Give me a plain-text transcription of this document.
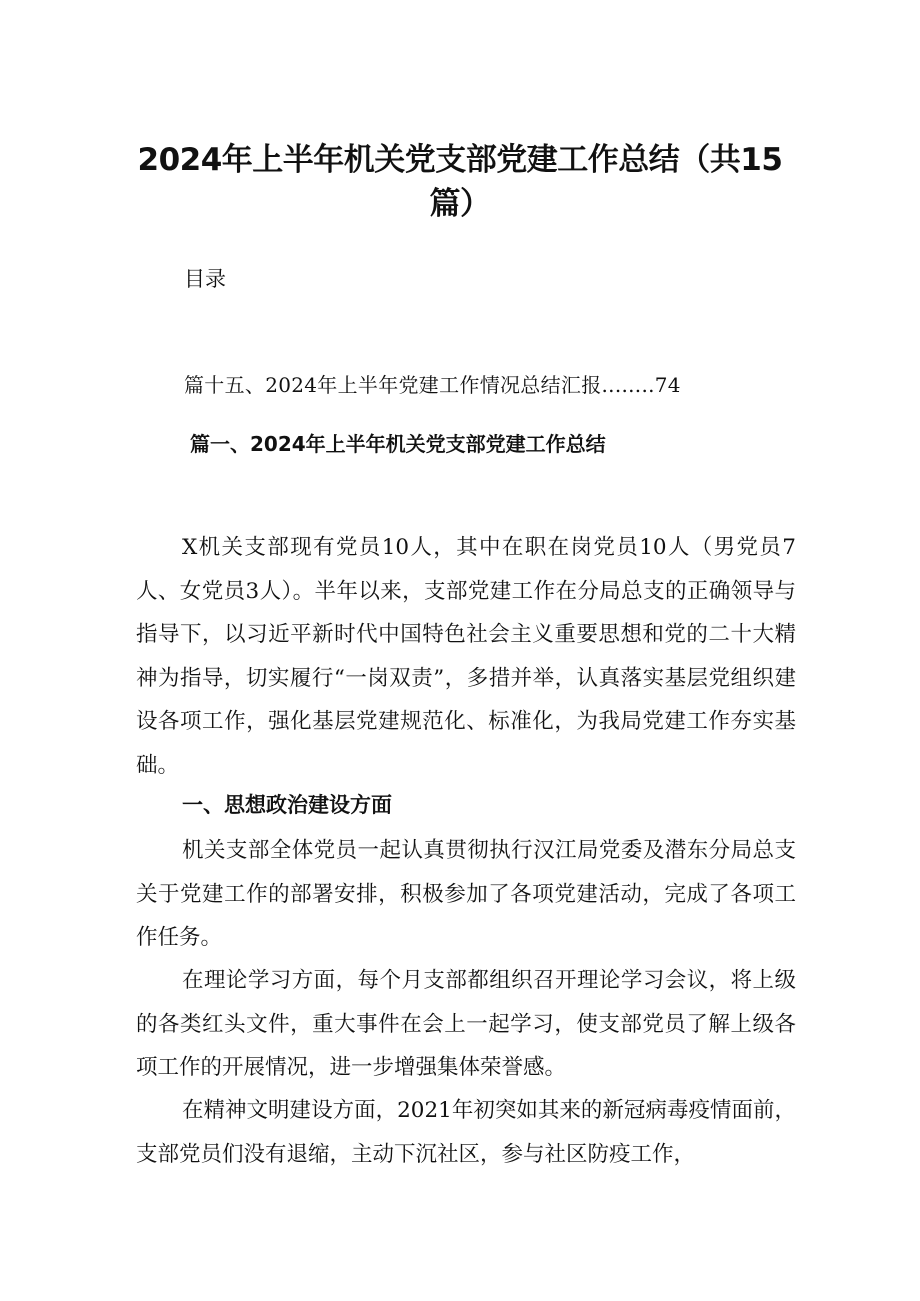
2024年上半年机关党支部党建工作总结（共15篇）
目录
篇十五、2024年上半年党建工作情况总结汇报........74
篇一、2024年上半年机关党支部党建工作总结

X机关支部现有党员10人，其中在职在岗党员10人（男党员7人、女党员3人）。半年以来，支部党建工作在分局总支的正确领导与指导下，以习近平新时代中国特色社会主义重要思想和党的二十大精神为指导，切实履行“一岗双责”，多措并举，认真落实基层党组织建设各项工作，强化基层党建规范化、标准化，为我局党建工作夯实基础。

一、思想政治建设方面

机关支部全体党员一起认真贯彻执行汉江局党委及潜东分局总支关于党建工作的部署安排，积极参加了各项党建活动，完成了各项工作任务。

在理论学习方面，每个月支部都组织召开理论学习会议，将上级的各类红头文件，重大事件在会上一起学习，使支部党员了解上级各项工作的开展情况，进一步增强集体荣誉感。

在精神文明建设方面，2021年初突如其来的新冠病毒疫情面前，支部党员们没有退缩，主动下沉社区，参与社区防疫工作，
